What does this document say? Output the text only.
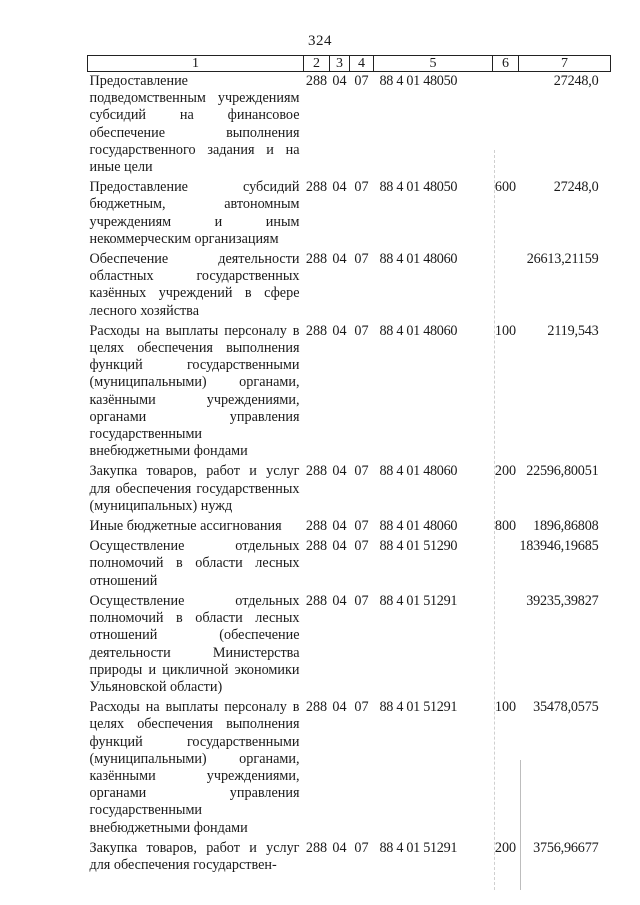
324
1	2	3	4	5	6	7
Предоставление подведомственным учреждениям субсидий на финансовое обеспечение выполнения государственного задания и на иные цели	288	04	07	88 4 01 48050		27248,0
Предоставление субсидий бюджетным, автономным учреждениям и иным некоммерческим организациям	288	04	07	88 4 01 48050	600	27248,0
Обеспечение деятельности областных государственных казённых учреждений в сфере лесного хозяйства	288	04	07	88 4 01 48060		26613,21159
Расходы на выплаты персоналу в целях обеспечения выполнения функций государственными (муниципальными) органами, казёнными учреждениями, органами управления государственными внебюджетными фондами	288	04	07	88 4 01 48060	100	2119,543
Закупка товаров, работ и услуг для обеспечения государственных (муниципальных) нужд	288	04	07	88 4 01 48060	200	22596,80051
Иные бюджетные ассигнования	288	04	07	88 4 01 48060	800	1896,86808
Осуществление отдельных полномочий в области лесных отношений	288	04	07	88 4 01 51290		183946,19685
Осуществление отдельных полномочий в области лесных отношений (обеспечение деятельности Министерства природы и цикличной экономики Ульяновской области)	288	04	07	88 4 01 51291		39235,39827
Расходы на выплаты персоналу в целях обеспечения выполнения функций государственными (муниципальными) органами, казёнными учреждениями, органами управления государственными внебюджетными фондами	288	04	07	88 4 01 51291	100	35478,0575
Закупка товаров, работ и услуг для обеспечения государствен-	288	04	07	88 4 01 51291	200	3756,96677
